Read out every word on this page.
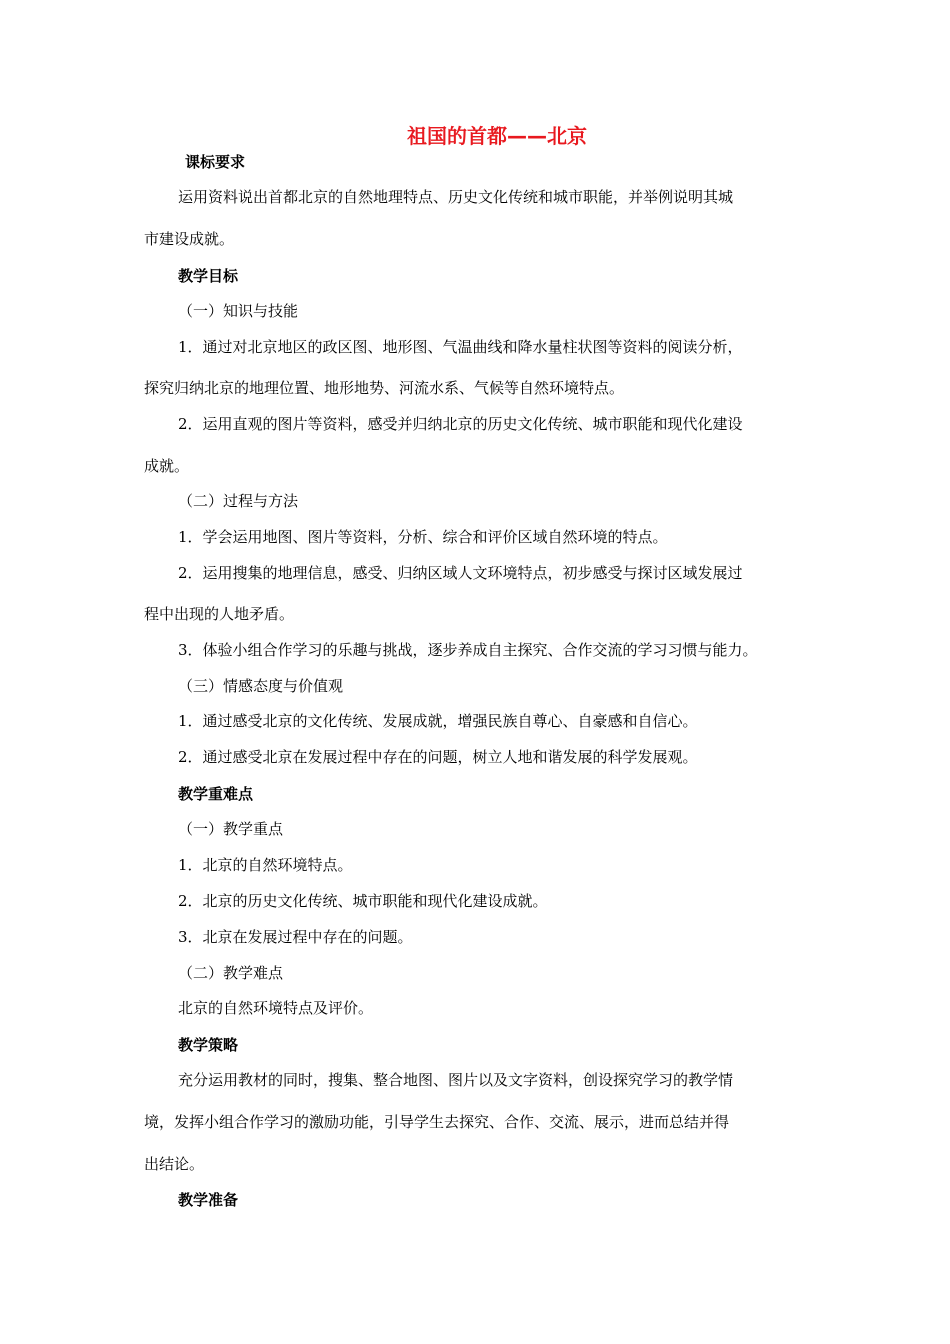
祖国的首都——北京
课标要求
运用资料说出首都北京的自然地理特点、历史文化传统和城市职能，并举例说明其城
市建设成就。
教学目标
（一）知识与技能
1．通过对北京地区的政区图、地形图、气温曲线和降水量柱状图等资料的阅读分析，
探究归纳北京的地理位置、地形地势、河流水系、气候等自然环境特点。
2．运用直观的图片等资料，感受并归纳北京的历史文化传统、城市职能和现代化建设
成就。
（二）过程与方法
1．学会运用地图、图片等资料，分析、综合和评价区域自然环境的特点。
2．运用搜集的地理信息，感受、归纳区域人文环境特点，初步感受与探讨区域发展过
程中出现的人地矛盾。
3．体验小组合作学习的乐趣与挑战，逐步养成自主探究、合作交流的学习习惯与能力。
（三）情感态度与价值观
1．通过感受北京的文化传统、发展成就，增强民族自尊心、自豪感和自信心。
2．通过感受北京在发展过程中存在的问题，树立人地和谐发展的科学发展观。
教学重难点
（一）教学重点
1．北京的自然环境特点。
2．北京的历史文化传统、城市职能和现代化建设成就。
3．北京在发展过程中存在的问题。
（二）教学难点
北京的自然环境特点及评价。
教学策略
充分运用教材的同时，搜集、整合地图、图片以及文字资料，创设探究学习的教学情
境，发挥小组合作学习的激励功能，引导学生去探究、合作、交流、展示，进而总结并得
出结论。
教学准备
